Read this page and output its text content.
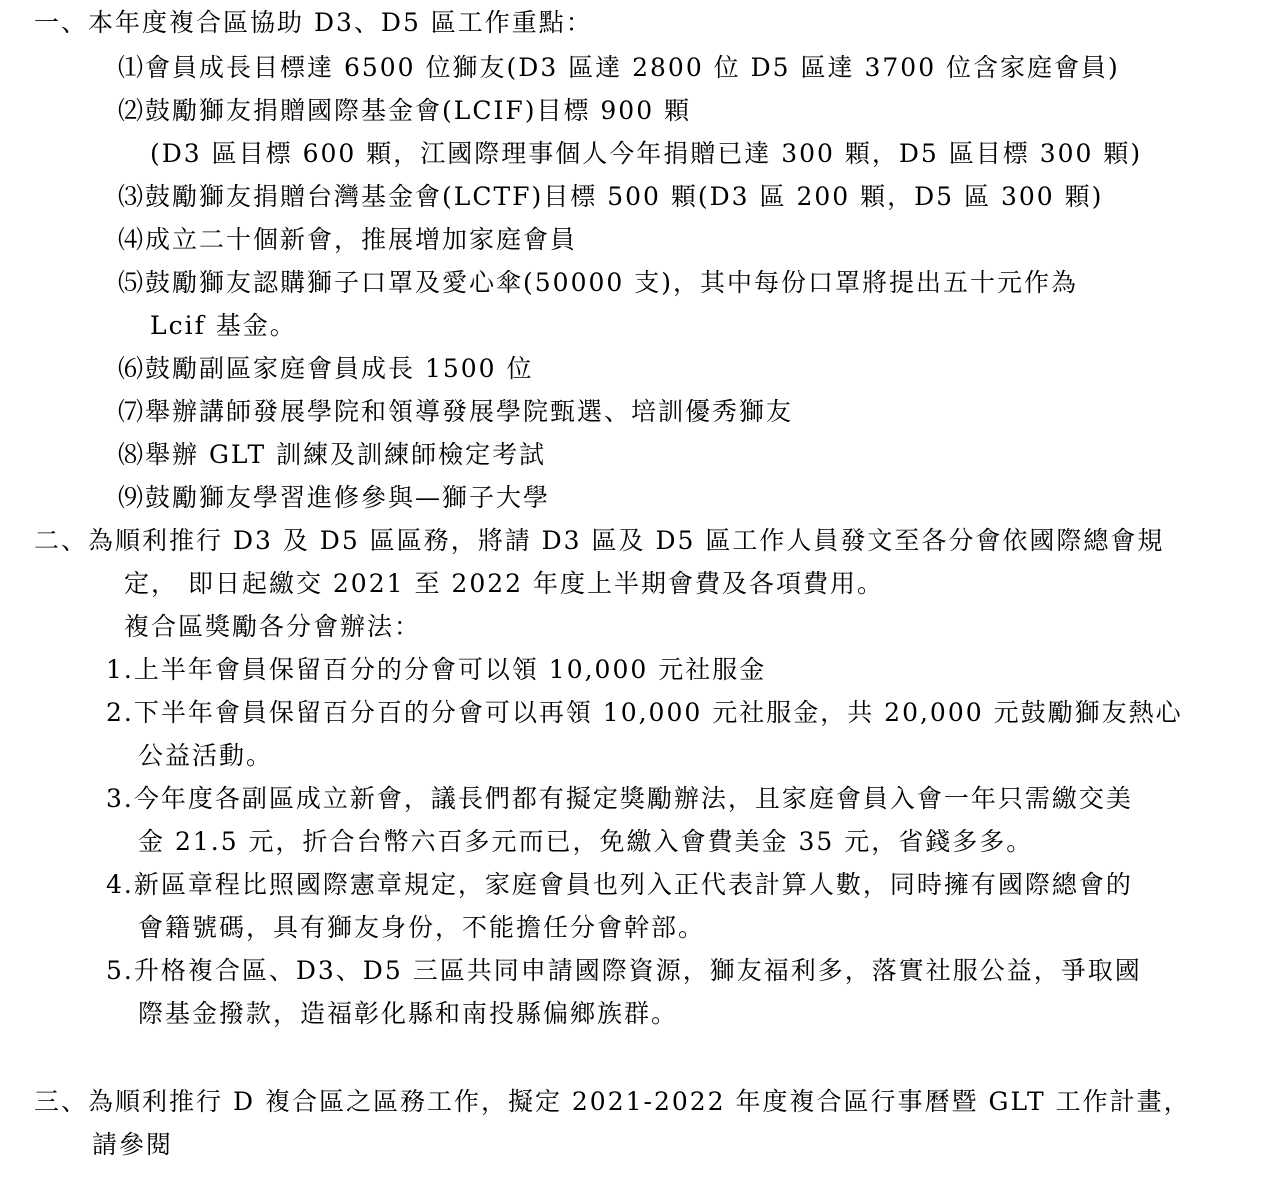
一、本年度複合區協助 D3、D5 區工作重點：
⑴會員成長目標達 6500 位獅友(D3 區達 2800 位 D5 區達 3700 位含家庭會員)
⑵鼓勵獅友捐贈國際基金會(LCIF)目標 900 顆
(D3 區目標 600 顆，江國際理事個人今年捐贈已達 300 顆，D5 區目標 300 顆)
⑶鼓勵獅友捐贈台灣基金會(LCTF)目標 500 顆(D3 區 200 顆，D5 區 300 顆)
⑷成立二十個新會，推展增加家庭會員
⑸鼓勵獅友認購獅子口罩及愛心傘(50000 支)，其中每份口罩將提出五十元作為
Lcif 基金。
⑹鼓勵副區家庭會員成長 1500 位
⑺舉辦講師發展學院和領導發展學院甄選、培訓優秀獅友
⑻舉辦 GLT 訓練及訓練師檢定考試
⑼鼓勵獅友學習進修參與—獅子大學
二、為順利推行 D3 及 D5 區區務，將請 D3 區及 D5 區工作人員發文至各分會依國際總會規
定， 即日起繳交 2021 至 2022 年度上半期會費及各項費用。
複合區獎勵各分會辦法：
1.上半年會員保留百分的分會可以領 10,000 元社服金
2.下半年會員保留百分百的分會可以再領 10,000 元社服金，共 20,000 元鼓勵獅友熱心
公益活動。
3.今年度各副區成立新會，議長們都有擬定獎勵辦法，且家庭會員入會一年只需繳交美
金 21.5 元，折合台幣六百多元而已，免繳入會費美金 35 元，省錢多多。
4.新區章程比照國際憲章規定，家庭會員也列入正代表計算人數，同時擁有國際總會的
會籍號碼，具有獅友身份，不能擔任分會幹部。
5.升格複合區、D3、D5 三區共同申請國際資源，獅友福利多，落實社服公益，爭取國
際基金撥款，造福彰化縣和南投縣偏鄉族群。
三、為順利推行 D 複合區之區務工作，擬定 2021-2022 年度複合區行事曆暨 GLT 工作計畫，
請參閱
